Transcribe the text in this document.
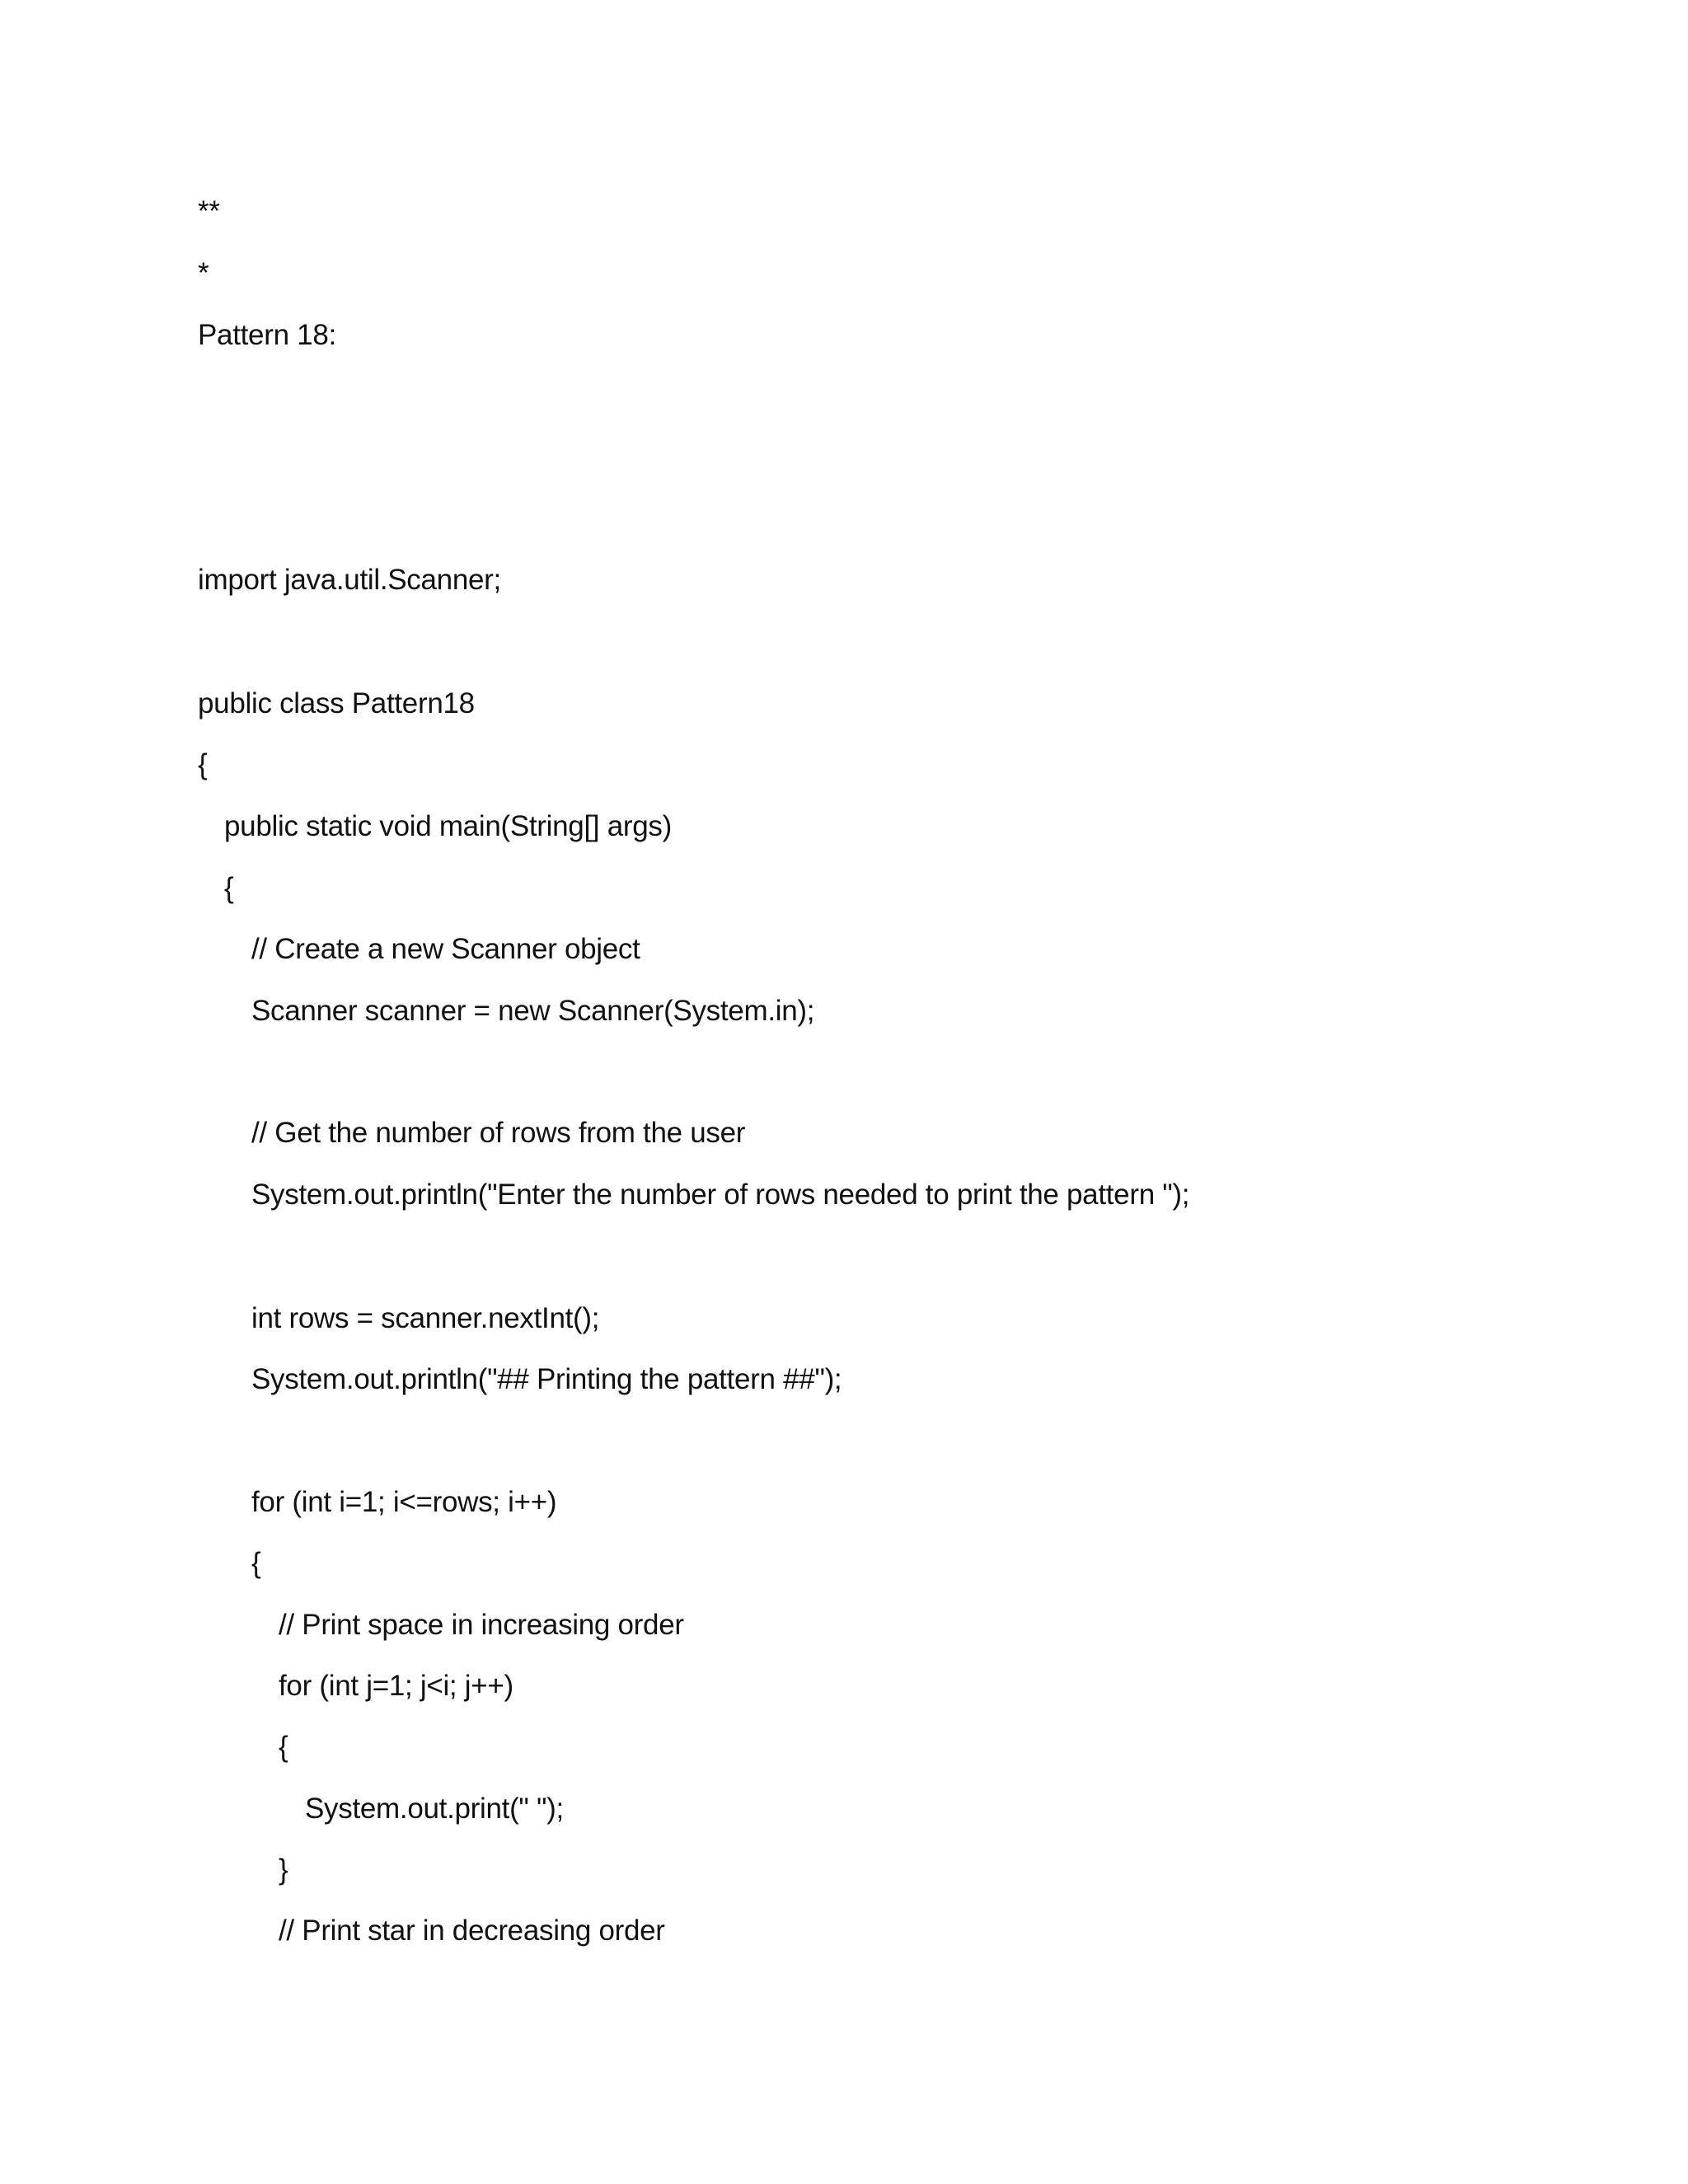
**
*
Pattern 18:
import java.util.Scanner;
public class Pattern18
{
public static void main(String[] args)
{
// Create a new Scanner object
Scanner scanner = new Scanner(System.in);
// Get the number of rows from the user
System.out.println("Enter the number of rows needed to print the pattern ");
int rows = scanner.nextInt();
System.out.println("## Printing the pattern ##");
for (int i=1; i<=rows; i++)
{
// Print space in increasing order
for (int j=1; j<i; j++)
{
System.out.print(" ");
}
// Print star in decreasing order
